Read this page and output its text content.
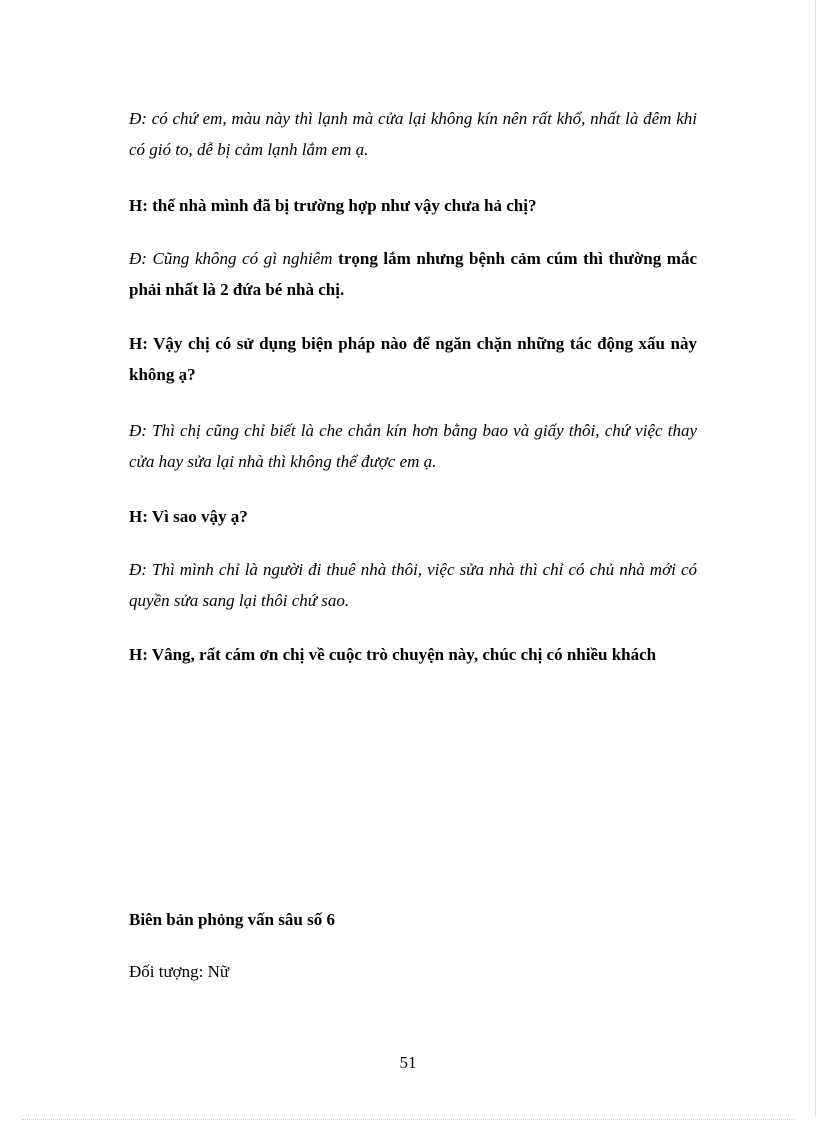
Đ: có chứ em, màu này thì lạnh mà cửa lại không kín nên rất khổ, nhất là đêm khi có gió to, dễ bị cảm lạnh lắm em ạ.

H: thế nhà mình đã bị trường hợp như vậy chưa hả chị?

Đ: Cũng không có gì nghiêm trọng lắm nhưng bệnh cảm cúm thì thường mắc phải nhất là 2 đứa bé nhà chị.

H: Vậy chị có sử dụng biện pháp nào để ngăn chặn những tác động xấu này không ạ?

Đ: Thì chị cũng chỉ biết là che chắn kín hơn bằng bao và giấy thôi, chứ việc thay cửa hay sửa lại nhà thì không thể được em ạ.

H: Vì sao vậy ạ?

Đ: Thì mình chỉ là người đi thuê nhà thôi, việc sửa nhà thì chỉ có chủ nhà mới có quyền sửa sang lại thôi chứ sao.

H: Vâng, rất cám ơn chị về cuộc trò chuyện này, chúc chị có nhiều khách

Biên bản phỏng vấn sâu số 6

Đối tượng: Nữ

51
